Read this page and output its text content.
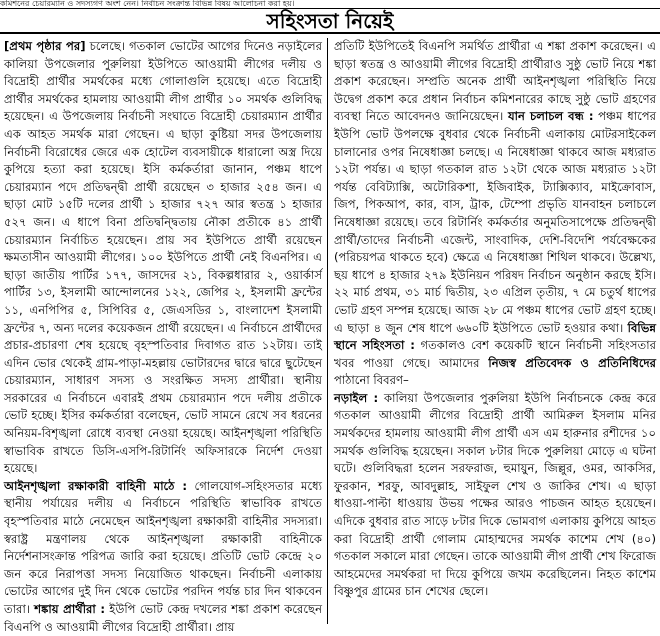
কমিশনের চেয়ারম্যান ও সদস্যগণ অংশ নেন। নির্বাচন সংক্রান্ত বিভিন্ন বিষয় আলোচনা করা হয়।
সহিংসতা নিয়েই

[প্রথম পৃষ্ঠার পর] চলেছে। গতকাল ভোটের আগের দিনেও নড়াইলের কালিয়া উপজেলার পুরুলিয়া ইউপিতে আওয়ামী লীগের দলীয় ও বিদ্রোহী প্রার্থীর সমর্থকের মধ্যে গোলাগুলি হয়েছে। এতে বিদ্রোহী প্রার্থীর সমর্থকের হামলায় আওয়ামী লীগ প্রার্থীর ১০ সমর্থক গুলিবিদ্ধ হয়েছেন। এ উপজেলায় নির্বাচনী সংঘাতে বিদ্রোহী চেয়ারম্যান প্রার্থীর এক আহত সমর্থক মারা গেছেন। এ ছাড়া কুষ্টিয়া সদর উপজেলায় নির্বাচনী বিরোধের জেরে এক হোটেল ব্যবসায়ীকে ধারালো অস্ত্র দিয়ে কুপিয়ে হত্যা করা হয়েছে। ইসি কর্মকর্তারা জানান, পঞ্চম ধাপে চেয়ারম্যান পদে প্রতিদ্বন্দ্বী প্রার্থী রয়েছেন ৩ হাজার ২৫৪ জন। এ ছাড়া মোট ১৫টি দলের প্রার্থী ১ হাজার ৭২৭ আর স্বতন্ত্র ১ হাজার ৫২৭ জন। এ ধাপে বিনা প্রতিদ্বন্দ্বিতায় নৌকা প্রতীকে ৪১ প্রার্থী চেয়ারম্যান নির্বাচিত হয়েছেন। প্রায় সব ইউপিতে প্রার্থী রয়েছেন ক্ষমতাসীন আওয়ামী লীগের। ১০০ ইউপিতে প্রার্থী নেই বিএনপির। এ ছাড়া জাতীয় পার্টির ১৭৭, জাসদের ২১, বিকল্পধারার ২, ওয়ার্কার্স পার্টির ১৩, ইসলামী আন্দোলনের ১২২, জেপির ২, ইসলামী ফ্রন্টের ১১, এনপিপির ৫, সিপিবির ৫, জেএসডির ১, বাংলাদেশ ইসলামী ফ্রন্টের ৭, অন্য দলের কয়েকজন প্রার্থী রয়েছেন। এ নির্বাচনে প্রার্থীদের প্রচার-প্রচারণা শেষ হয়েছে বৃহস্পতিবার দিবাগত রাত ১২টায়। তাই এদিন ভোর থেকেই গ্রাম-পাড়া-মহল্লায় ভোটারদের দ্বারে দ্বারে ছুটেছেন চেয়ারম্যান, সাধারণ সদস্য ও সংরক্ষিত সদস্য প্রার্থীরা। স্থানীয় সরকারের এ নির্বাচনে এবারই প্রথম চেয়ারম্যান পদে দলীয় প্রতীকে ভোট হচ্ছে। ইসির কর্মকর্তারা বলেছেন, ভোট সামনে রেখে সব ধরনের অনিয়ম-বিশৃঙ্খলা রোধে ব্যবস্থা নেওয়া হয়েছে। আইনশৃঙ্খলা পরিস্থিতি স্বাভাবিক রাখতে ডিসি-এসপি-রিটার্নিং অফিসারকে নির্দেশ দেওয়া হয়েছে।

আইনশৃঙ্খলা রক্ষাকারী বাহিনী মাঠে : গোলযোগ-সহিংসতার মধ্যে স্থানীয় পর্যায়ের দলীয় এ নির্বাচনে পরিস্থিতি স্বাভাবিক রাখতে বৃহস্পতিবার মাঠে নেমেছেন আইনশৃঙ্খলা রক্ষাকারী বাহিনীর সদস্যরা। স্বরাষ্ট্র মন্ত্রণালয় থেকে আইনশৃঙ্খলা রক্ষাকারী বাহিনীকে নির্দেশনাসংক্রান্ত পরিপত্র জারি করা হয়েছে। প্রতিটি ভোট কেন্দ্রে ২০ জন করে নিরাপত্তা সদস্য নিয়োজিত থাকছেন। নির্বাচনী এলাকায় ভোটের আগের দুই দিন থেকে ভোটের পরদিন পর্যন্ত চার দিন থাকবেন তারা। শঙ্কায় প্রার্থীরা : ইউপি ভোট কেন্দ্র দখলের শঙ্কা প্রকাশ করেছেন বিএনপি ও আওয়ামী লীগের বিদ্রোহী প্রার্থীরা। প্রায়

প্রতিটি ইউপিতেই বিএনপি সমর্থিত প্রার্থীরা এ শঙ্কা প্রকাশ করেছেন। এ ছাড়া স্বতন্ত্র ও আওয়ামী লীগের বিদ্রোহী প্রার্থীরাও সুষ্ঠু ভোট নিয়ে শঙ্কা প্রকাশ করেছেন। সম্প্রতি অনেক প্রার্থী আইনশৃঙ্খলা পরিস্থিতি নিয়ে উদ্বেগ প্রকাশ করে প্রধান নির্বাচন কমিশনারের কাছে সুষ্ঠু ভোট গ্রহণের ব্যবস্থা নিতে আবেদনও জানিয়েছেন। যান চলাচল বন্ধ : পঞ্চম ধাপের ইউপি ভোট উপলক্ষে বুধবার থেকে নির্বাচনী এলাকায় মোটরসাইকেল চালানোর ওপর নিষেধাজ্ঞা চলছে। এ নিষেধাজ্ঞা থাকবে আজ মধ্যরাত ১২টা পর্যন্ত। এ ছাড়া গতকাল রাত ১২টা থেকে আজ মধ্যরাত ১২টা পর্যন্ত বেবিট্যাক্সি, অটোরিকশা, ইজিবাইক, ট্যাক্সিক্যাব, মাইক্রোবাস, জিপ, পিকআপ, কার, বাস, ট্রাক, টেম্পো প্রভৃতি যানবাহন চলাচলে নিষেধাজ্ঞা রয়েছে। তবে রিটার্নিং কর্মকর্তার অনুমতিসাপেক্ষে প্রতিদ্বন্দ্বী প্রার্থী/তাদের নির্বাচনী এজেন্ট, সাংবাদিক, দেশি-বিদেশি পর্যবেক্ষকের (পরিচয়পত্র থাকতে হবে) ক্ষেত্রে এ নিষেধাজ্ঞা শিথিল থাকবে। উল্লেখ্য, ছয় ধাপে ৪ হাজার ২৭৯ ইউনিয়ন পরিষদ নির্বাচন অনুষ্ঠান করছে ইসি। ২২ মার্চ প্রথম, ৩১ মার্চ দ্বিতীয়, ২৩ এপ্রিল তৃতীয়, ৭ মে চতুর্থ ধাপের ভোট গ্রহণ সম্পন্ন হয়েছে। আজ ২৮ মে পঞ্চম ধাপের ভোট গ্রহণ হচ্ছে। এ ছাড়া ৪ জুন শেষ ধাপে ৬৬০টি ইউপিতে ভোট হওয়ার কথা। বিভিন্ন স্থানে সহিংসতা : গতকালও বেশ কয়েকটি স্থানে নির্বাচনী সহিংসতার খবর পাওয়া গেছে। আমাদের নিজস্ব প্রতিবেদক ও প্রতিনিধিদের পাঠানো বিবরণ–

নড়াইল : কালিয়া উপজেলার পুরুলিয়া ইউপি নির্বাচনকে কেন্দ্র করে গতকাল আওয়ামী লীগের বিদ্রোহী প্রার্থী আমিরুল ইসলাম মনির সমর্থকদের হামলায় আওয়ামী লীগ প্রার্থী এস এম হারুনার রশীদের ১০ সমর্থক গুলিবিদ্ধ হয়েছেন। সকাল ৮টার দিকে পুরুলিয়া মোড়ে এ ঘটনা ঘটে। গুলিবিদ্ধরা হলেন সরফরাজ, হুমায়ুন, জিল্লুর, ওমর, আকসির, ফুরকান, শরফু, আবদুল্লাহ, সাইফুল শেখ ও জাকির শেখ। এ ছাড়া ধাওয়া-পাল্টা ধাওয়ায় উভয় পক্ষের আরও পাচজন আহত হয়েছেন। এদিকে বুধবার রাত সাড়ে ৮টার দিকে ভোমবাগ এলাকায় কুপিয়ে আহত করা বিদ্রোহী প্রার্থী গোলাম মোহাম্মদের সমর্থক কাশেম শেখ (৪০) গতকাল সকালে মারা গেছেন। তাকে আওয়ামী লীগ প্রার্থী শেখ ফিরোজ আহমেদের সমর্থকরা দা দিয়ে কুপিয়ে জখম করেছিলেন। নিহত কাশেম বিষ্ণুপুর গ্রামের চান শেখের ছেলে।
